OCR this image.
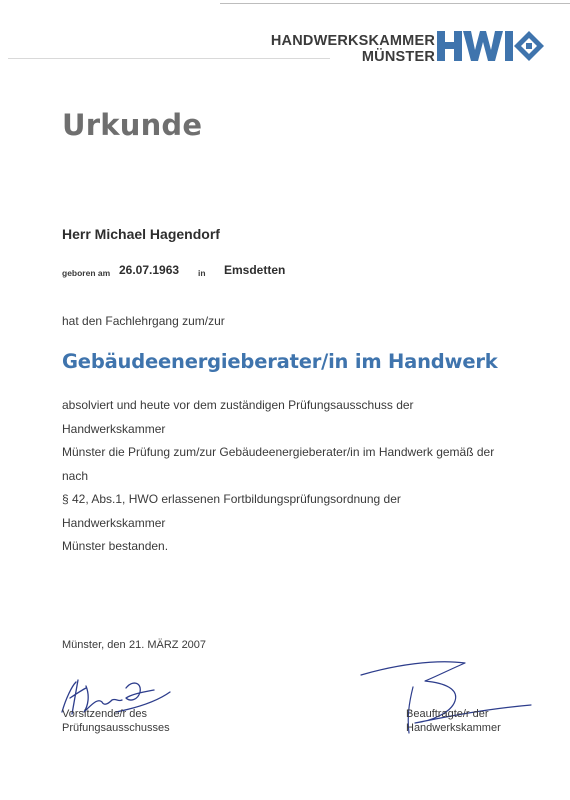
HANDWERKSKAMMER
MÜNSTER
Urkunde
Herr Michael Hagendorf
geboren am 26.07.1963 in Emsdetten
hat den Fachlehrgang zum/zur
Gebäudeenergieberater/in im Handwerk
absolviert und heute vor dem zuständigen Prüfungsausschuss der Handwerkskammer
Münster die Prüfung zum/zur Gebäudeenergieberater/in im Handwerk gemäß der nach
§ 42, Abs.1, HWO erlassenen Fortbildungsprüfungsordnung der Handwerkskammer
Münster bestanden.
Münster, den 21. MÄRZ 2007
Vorsitzende/r des
Prüfungsausschusses
Beauftragte/r der
Handwerkskammer
